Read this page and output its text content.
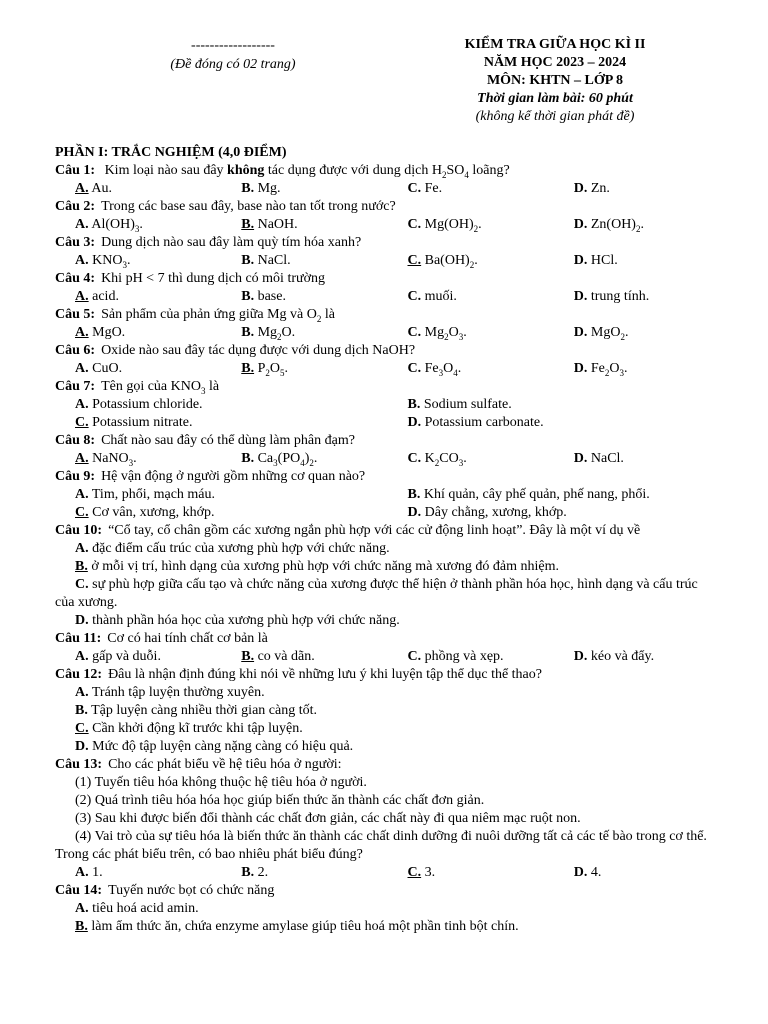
------------------
(Đề đóng có 02 trang)
KIỂM TRA GIỮA HỌC KÌ II
NĂM HỌC 2023 – 2024
MÔN: KHTN – LỚP 8
Thời gian làm bài: 60 phút
(không kể thời gian phát đề)
PHẦN I: TRẮC NGHIỆM (4,0 ĐIỂM)
Câu 1: Kim loại nào sau đây không tác dụng được với dung dịch $H_2SO_4$ loãng?
A. Au.	B. Mg.	C. Fe.	D. Zn.
Câu 2: Trong các base sau đây, base nào tan tốt trong nước?
A. $Al(OH)_3$.	B. NaOH.	C. $Mg(OH)_2$.	D. $Zn(OH)_2$.
Câu 3: Dung dịch nào sau đây làm quỳ tím hóa xanh?
A. $KNO_3$.	B. NaCl.	C. $Ba(OH)_2$.	D. HCl.
Câu 4: Khi pH < 7 thì dung dịch có môi trường
A. acid.	B. base.	C. muối.	D. trung tính.
Câu 5: Sản phẩm của phản ứng giữa Mg và $O_2$ là
A. MgO.	B. $Mg_2O$.	C. $Mg_2O_3$.	D. MgO$_2$.
Câu 6: Oxide nào sau đây tác dụng được với dung dịch NaOH?
A. CuO.	B. $P_2O_5$.	C. $Fe_3O_4$.	D. $Fe_2O_3$.
Câu 7: Tên gọi của $KNO_3$ là
A. Potassium chloride.	B. Sodium sulfate.
C. Potassium nitrate.	D. Potassium carbonate.
Câu 8: Chất nào sau đây có thể dùng làm phân đạm?
A. NaNO$_3$.	B. $Ca_3(PO_4)_2$.	C. $K_2CO_3$.	D. NaCl.
Câu 9: Hệ vận động ở người gồm những cơ quan nào?
A. Tim, phổi, mạch máu.	B. Khí quản, cây phế quản, phế nang, phổi.
C. Cơ vân, xương, khớp.	D. Dây chằng, xương, khớp.
Câu 10: “Cổ tay, cổ chân gồm các xương ngắn phù hợp với các cử động linh hoạt”. Đây là một ví dụ về
A. đặc điểm cấu trúc của xương phù hợp với chức năng.
B. ở mỗi vị trí, hình dạng của xương phù hợp với chức năng mà xương đó đảm nhiệm.
C. sự phù hợp giữa cấu tạo và chức năng của xương được thể hiện ở thành phần hóa học, hình dạng và cấu trúc của xương.
D. thành phần hóa học của xương phù hợp với chức năng.
Câu 11: Cơ có hai tính chất cơ bản là
A. gấp và duỗi.	B. co và dãn.	C. phồng và xẹp.	D. kéo và đẩy.
Câu 12: Đâu là nhận định đúng khi nói về những lưu ý khi luyện tập thể dục thể thao?
A. Tránh tập luyện thường xuyên.
B. Tập luyện càng nhiều thời gian càng tốt.
C. Cần khởi động kĩ trước khi tập luyện.
D. Mức độ tập luyện càng nặng càng có hiệu quả.
Câu 13: Cho các phát biểu về hệ tiêu hóa ở người:
(1) Tuyến tiêu hóa không thuộc hệ tiêu hóa ở người.
(2) Quá trình tiêu hóa hóa học giúp biến thức ăn thành các chất đơn giản.
(3) Sau khi được biến đổi thành các chất đơn giản, các chất này đi qua niêm mạc ruột non.
(4) Vai trò của sự tiêu hóa là biến thức ăn thành các chất dinh dưỡng đi nuôi dưỡng tất cả các tế bào trong cơ thể.
Trong các phát biểu trên, có bao nhiêu phát biểu đúng?
A. 1.	B. 2.	C. 3.	D. 4.
Câu 14: Tuyến nước bọt có chức năng
A. tiêu hoá acid amin.
B. làm ẩm thức ăn, chứa enzyme amylase giúp tiêu hoá một phần tinh bột chín.
